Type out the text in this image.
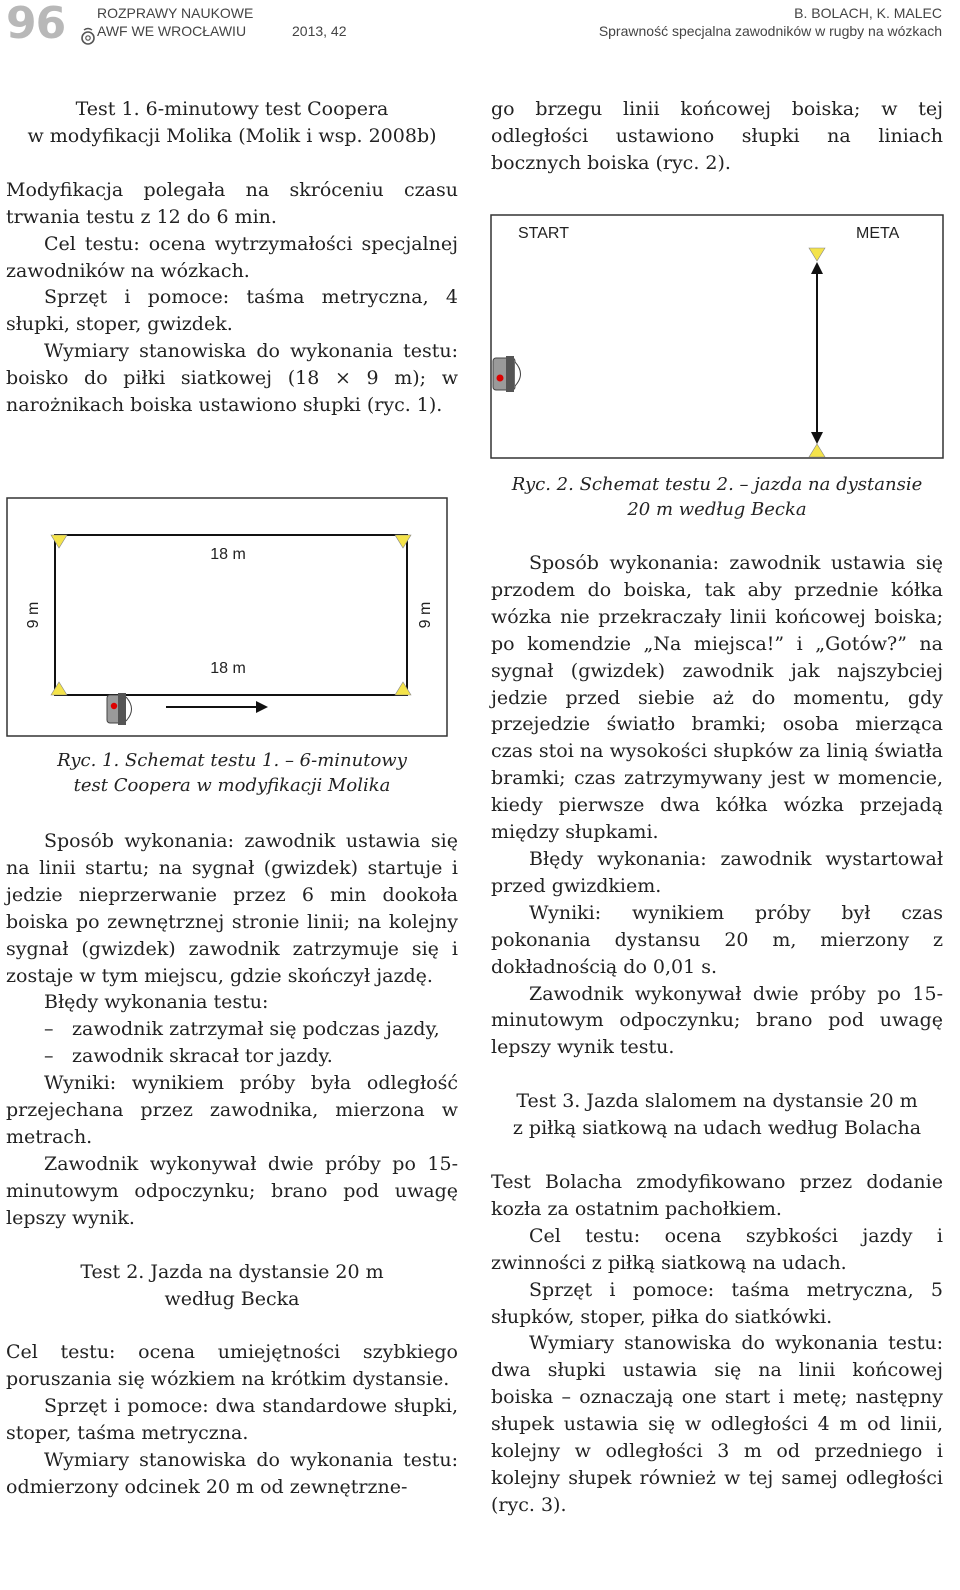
96 ROZPRAWY NAUKOWE
AWF WE WROCŁAWIU	2013, 42
B. BOLACH, K. MALEC
Sprawność specjalna zawodników w rugby na wózkach

Test 1. 6-minutowy test Coopera

w modyfikacji Molika (Molik i wsp. 2008b)

Modyfikacja polegała na skróceniu czasu trwania testu z 12 do 6 min.

Cel testu: ocena wytrzymałości specjalnej zawodników na wózkach.

Sprzęt i pomoce: taśma metryczna, 4 słupki, stoper, gwizdek.

Wymiary stanowiska do wykonania testu: boisko do piłki siatkowej (18 × 9 m); w narożnikach boiska ustawiono słupki (ryc. 1).

18 m
18 m
9 m	9 m

Ryc. 1. Schemat testu 1. – 6-minutowy

test Coopera w modyfikacji Molika

Sposób wykonania: zawodnik ustawia się na linii startu; na sygnał (gwizdek) startuje i jedzie nieprzerwanie przez 6 min dookoła boiska po zewnętrznej stronie linii; na kolejny sygnał (gwizdek) zawodnik zatrzymuje się i zostaje w tym miejscu, gdzie skończył jazdę.

Błędy wykonania testu:

– zawodnik zatrzymał się podczas jazdy,
– zawodnik skracał tor jazdy.

Wyniki: wynikiem próby była odległość przejechana przez zawodnika, mierzona w metrach.

Zawodnik wykonywał dwie próby po 15-minutowym odpoczynku; brano pod uwagę lepszy wynik.

Test 2. Jazda na dystansie 20 m

według Becka

Cel testu: ocena umiejętności szybkiego poruszania się wózkiem na krótkim dystansie.

Sprzęt i pomoce: dwa standardowe słupki, stoper, taśma metryczna.

Wymiary stanowiska do wykonania testu: odmierzony odcinek 20 m od zewnętrzne-

go brzegu linii końcowej boiska; w tej odległości ustawiono słupki na liniach bocznych boiska (ryc. 2).

START	META

Ryc. 2. Schemat testu 2. – jazda na dystansie

20 m według Becka

Sposób wykonania: zawodnik ustawia się przodem do boiska, tak aby przednie kółka wózka nie przekraczały linii końcowej boiska; po komendzie „Na miejsca!” i „Gotów?” na sygnał (gwizdek) zawodnik jak najszybciej jedzie przed siebie aż do momentu, gdy przejedzie światło bramki; osoba mierząca czas stoi na wysokości słupków za linią światła bramki; czas zatrzymywany jest w momencie, kiedy pierwsze dwa kółka wózka przejadą między słupkami.

Błędy wykonania: zawodnik wystartował przed gwizdkiem.

Wyniki: wynikiem próby był czas pokonania dystansu 20 m, mierzony z dokładnością do 0,01 s.

Zawodnik wykonywał dwie próby po 15-minutowym odpoczynku; brano pod uwagę lepszy wynik testu.

Test 3. Jazda slalomem na dystansie 20 m

z piłką siatkową na udach według Bolacha

Test Bolacha zmodyfikowano przez dodanie kozła za ostatnim pachołkiem.

Cel testu: ocena szybkości jazdy i zwinności z piłką siatkową na udach.

Sprzęt i pomoce: taśma metryczna, 5 słupków, stoper, piłka do siatkówki.

Wymiary stanowiska do wykonania testu: dwa słupki ustawia się na linii końcowej boiska – oznaczają one start i metę; następny słupek ustawia się w odległości 4 m od linii, kolejny w odległości 3 m od przedniego i kolejny słupek również w tej samej odległości (ryc. 3).
